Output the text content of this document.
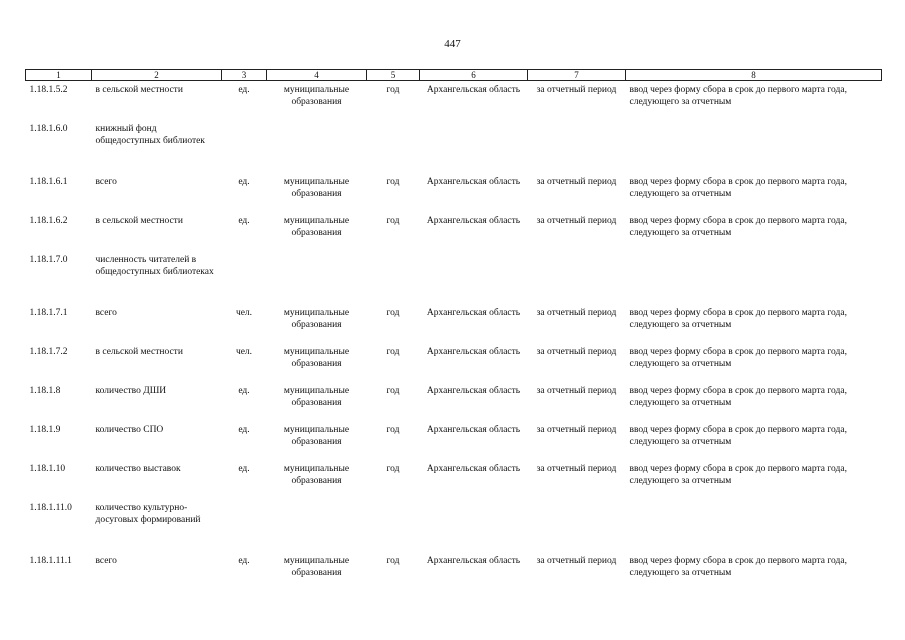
447
1	2	3	4	5	6	7	8
1.18.1.5.2	в сельской местности	ед.	муниципальные образования	год	Архангельская область	за отчетный период	ввод через форму сбора в срок до первого марта года, следующего за отчетным
1.18.1.6.0	книжный фонд общедоступных библиотек						
1.18.1.6.1	всего	ед.	муниципальные образования	год	Архангельская область	за отчетный период	ввод через форму сбора в срок до первого марта года, следующего за отчетным
1.18.1.6.2	в сельской местности	ед.	муниципальные образования	год	Архангельская область	за отчетный период	ввод через форму сбора в срок до первого марта года, следующего за отчетным
1.18.1.7.0	численность читателей в общедоступных библиотеках						
1.18.1.7.1	всего	чел.	муниципальные образования	год	Архангельская область	за отчетный период	ввод через форму сбора в срок до первого марта года, следующего за отчетным
1.18.1.7.2	в сельской местности	чел.	муниципальные образования	год	Архангельская область	за отчетный период	ввод через форму сбора в срок до первого марта года, следующего за отчетным
1.18.1.8	количество ДШИ	ед.	муниципальные образования	год	Архангельская область	за отчетный период	ввод через форму сбора в срок до первого марта года, следующего за отчетным
1.18.1.9	количество СПО	ед.	муниципальные образования	год	Архангельская область	за отчетный период	ввод через форму сбора в срок до первого марта года, следующего за отчетным
1.18.1.10	количество выставок	ед.	муниципальные образования	год	Архангельская область	за отчетный период	ввод через форму сбора в срок до первого марта года, следующего за отчетным
1.18.1.11.0	количество культурно-досуговых формирований						
1.18.1.11.1	всего	ед.	муниципальные образования	год	Архангельская область	за отчетный период	ввод через форму сбора в срок до первого марта года, следующего за отчетным
